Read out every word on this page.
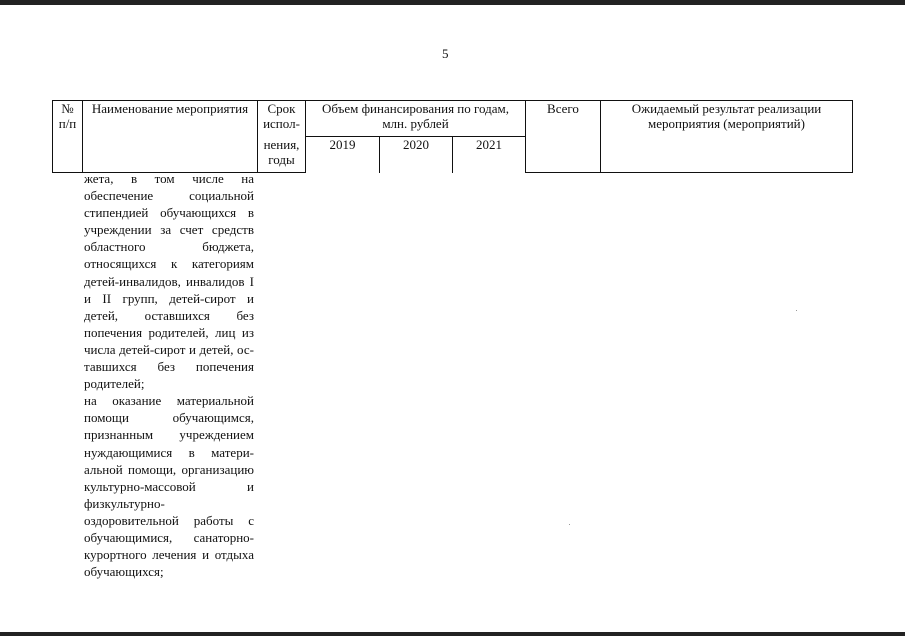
5
№ п/п	Наименование мероприятия	Срок испол-	Объем финансирования по годам, млн. рублей			Всего	Ожидаемый результат реализации мероприятия (мероприятий)
		нения, годы	2019	2020	2021		

жета, в том числе на обеспечение социальной стипендией обучающихся в учреждении за счет средств областного бюджета, относящихся к категориям детей-инвалидов, инвалидов I и II групп, детей-сирот и детей, оставшихся без попечения родителей, лиц из числа детей-сирот и детей, оставшихся без попечения родителей;

на оказание материальной помощи обучающимся, признанным учреждением нуждающимися в материальной помощи, организацию культурно-массовой и физкультурно-оздоровительной работы с обучающимися, санаторно-курортного лечения и отдыха обучающихся;
